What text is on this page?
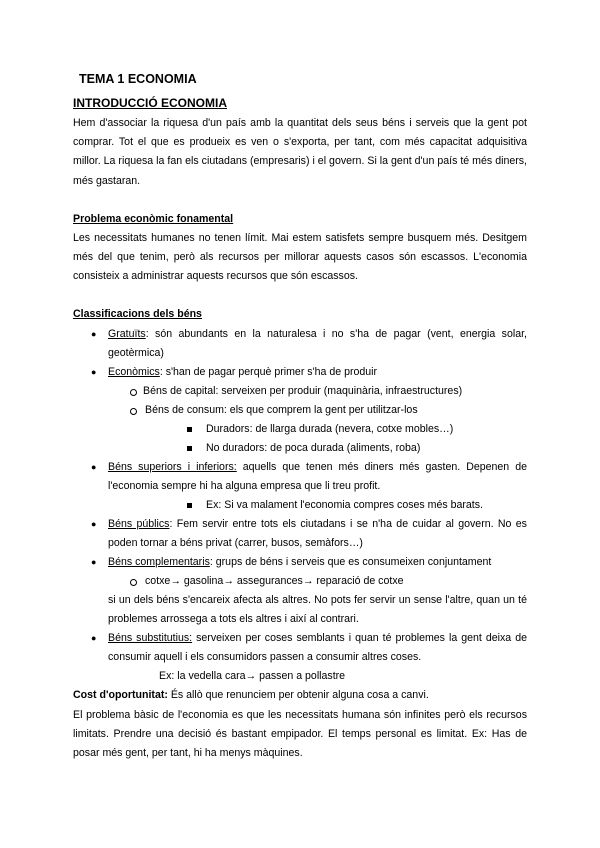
TEMA 1 ECONOMIA
INTRODUCCIÓ ECONOMIA
Hem d'associar la riquesa d'un país amb la quantitat dels seus béns i serveis que la gent pot comprar. Tot el que es produeix es ven o s'exporta, per tant, com més capacitat adquisitiva millor. La riquesa la fan els ciutadans (empresaris) i el govern. Si la gent d'un país té més diners, més gastaran.
Problema econòmic fonamental
Les necessitats humanes no tenen límit. Mai estem satisfets sempre busquem més. Desitgem més del que tenim, però als recursos per millorar aquests casos són escassos. L'economia consisteix a administrar aquests recursos que són escassos.
Classificacions dels béns
● Gratuïts: són abundants en la naturalesa i no s'ha de pagar (vent, energia solar, geotèrmica)
● Econòmics: s'han de pagar perquè primer s'ha de produir
Béns de capital: serveixen per produir (maquinària, infraestructures)
Béns de consum: els que comprem la gent per utilitzar-los
Duradors: de llarga durada (nevera, cotxe mobles…)
No duradors: de poca durada (aliments, roba)
● Béns superiors i inferiors: aquells que tenen més diners més gasten. Depenen de l'economia sempre hi ha alguna empresa que li treu profit.
Ex: Si va malament l'economia compres coses més barats.
● Béns públics: Fem servir entre tots els ciutadans i se n'ha de cuidar al govern. No es poden tornar a béns privat (carrer, busos, semàfors…)
● Béns complementaris: grups de béns i serveis que es consumeixen conjuntament
cotxe→ gasolina→ assegurances→ reparació de cotxe
si un dels béns s'encareix afecta als altres. No pots fer servir un sense l'altre, quan un té problemes arrossega a tots els altres i així al contrari.
● Béns substitutius: serveixen per coses semblants i quan té problemes la gent deixa de consumir aquell i els consumidors passen a consumir altres coses.
Ex: la vedella cara→ passen a pollastre
Cost d'oportunitat: És allò que renunciem per obtenir alguna cosa a canvi.
El problema bàsic de l'economia es que les necessitats humana són infinites però els recursos limitats. Prendre una decisió és bastant empipador. El temps personal es limitat. Ex: Has de posar més gent, per tant, hi ha menys màquines.
